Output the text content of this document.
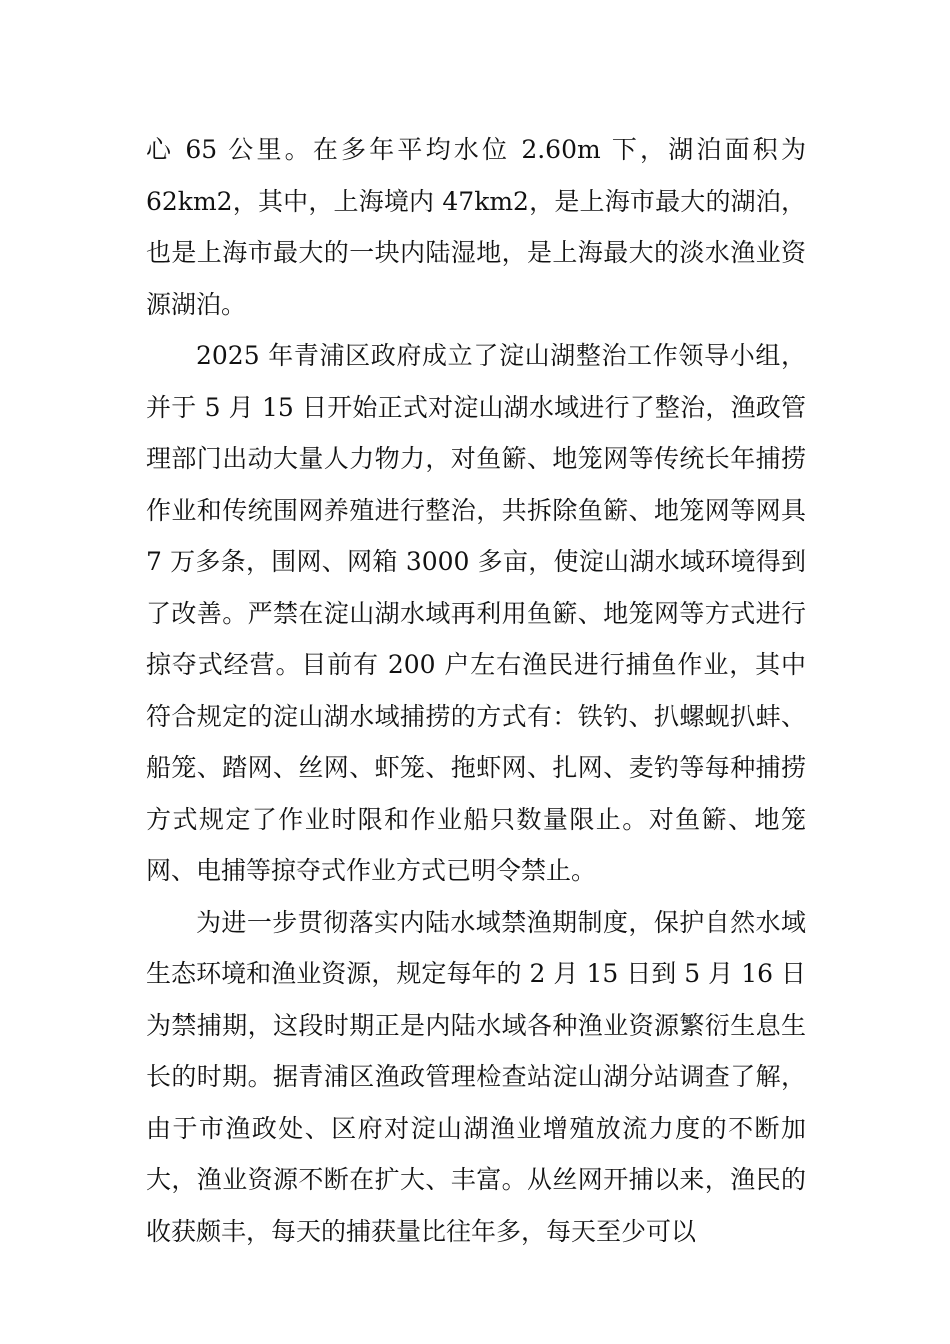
心 65 公里。在多年平均水位 2.60m 下，湖泊面积为 62km2，其中，上海境内 47km2，是上海市最大的湖泊，也是上海市最大的一块内陆湿地，是上海最大的淡水渔业资源湖泊。

2025 年青浦区政府成立了淀山湖整治工作领导小组，并于 5 月 15 日开始正式对淀山湖水域进行了整治，渔政管理部门出动大量人力物力，对鱼簖、地笼网等传统长年捕捞作业和传统围网养殖进行整治，共拆除鱼簖、地笼网等网具 7 万多条，围网、网箱 3000 多亩，使淀山湖水域环境得到了改善。严禁在淀山湖水域再利用鱼簖、地笼网等方式进行掠夺式经营。目前有 200 户左右渔民进行捕鱼作业，其中符合规定的淀山湖水域捕捞的方式有：铁钓、扒螺蚬扒蚌、船笼、踏网、丝网、虾笼、拖虾网、扎网、麦钓等每种捕捞方式规定了作业时限和作业船只数量限止。对鱼簖、地笼网、电捕等掠夺式作业方式已明令禁止。

为进一步贯彻落实内陆水域禁渔期制度，保护自然水域生态环境和渔业资源，规定每年的 2 月 15 日到 5 月 16 日为禁捕期，这段时期正是内陆水域各种渔业资源繁衍生息生长的时期。据青浦区渔政管理检查站淀山湖分站调查了解，由于市渔政处、区府对淀山湖渔业增殖放流力度的不断加大，渔业资源不断在扩大、丰富。从丝网开捕以来，渔民的收获颇丰，每天的捕获量比往年多，每天至少可以
